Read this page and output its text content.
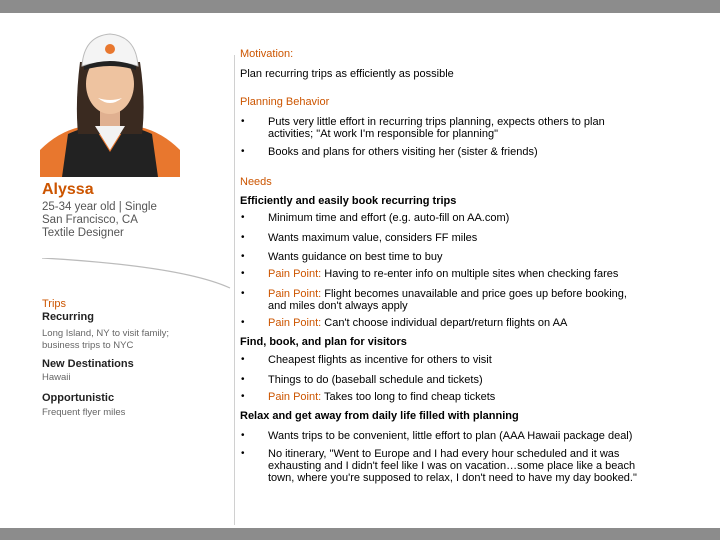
Alyssa
25-34 year old | Single
San Francisco, CA
Textile Designer
Trips
Recurring
Long Island, NY to visit family;
business trips to NYC
New Destinations
Hawaii
Opportunistic
Frequent flyer miles
Motivation:
Plan recurring trips as efficiently as possible
Planning Behavior
• Puts very little effort in recurring trips planning, expects others to plan
activities; "At work I'm responsible for planning"
• Books and plans for others visiting her (sister & friends)
Needs
Efficiently and easily book recurring trips
• Minimum time and effort (e.g. auto-fill on AA.com)
• Wants maximum value, considers FF miles
• Wants guidance on best time to buy
• Pain Point: Having to re-enter info on multiple sites when checking fares
• Pain Point: Flight becomes unavailable and price goes up before booking,
and miles don't always apply
• Pain Point: Can't choose individual depart/return flights on AA
Find, book, and plan for visitors
• Cheapest flights as incentive for others to visit
• Things to do (baseball schedule and tickets)
• Pain Point: Takes too long to find cheap tickets
Relax and get away from daily life filled with planning
• Wants trips to be convenient, little effort to plan (AAA Hawaii package deal)
• No itinerary, "Went to Europe and I had every hour scheduled and it was
exhausting and I didn't feel like I was on vacation…some place like a beach
town, where you're supposed to relax, I don't need to have my day booked."
